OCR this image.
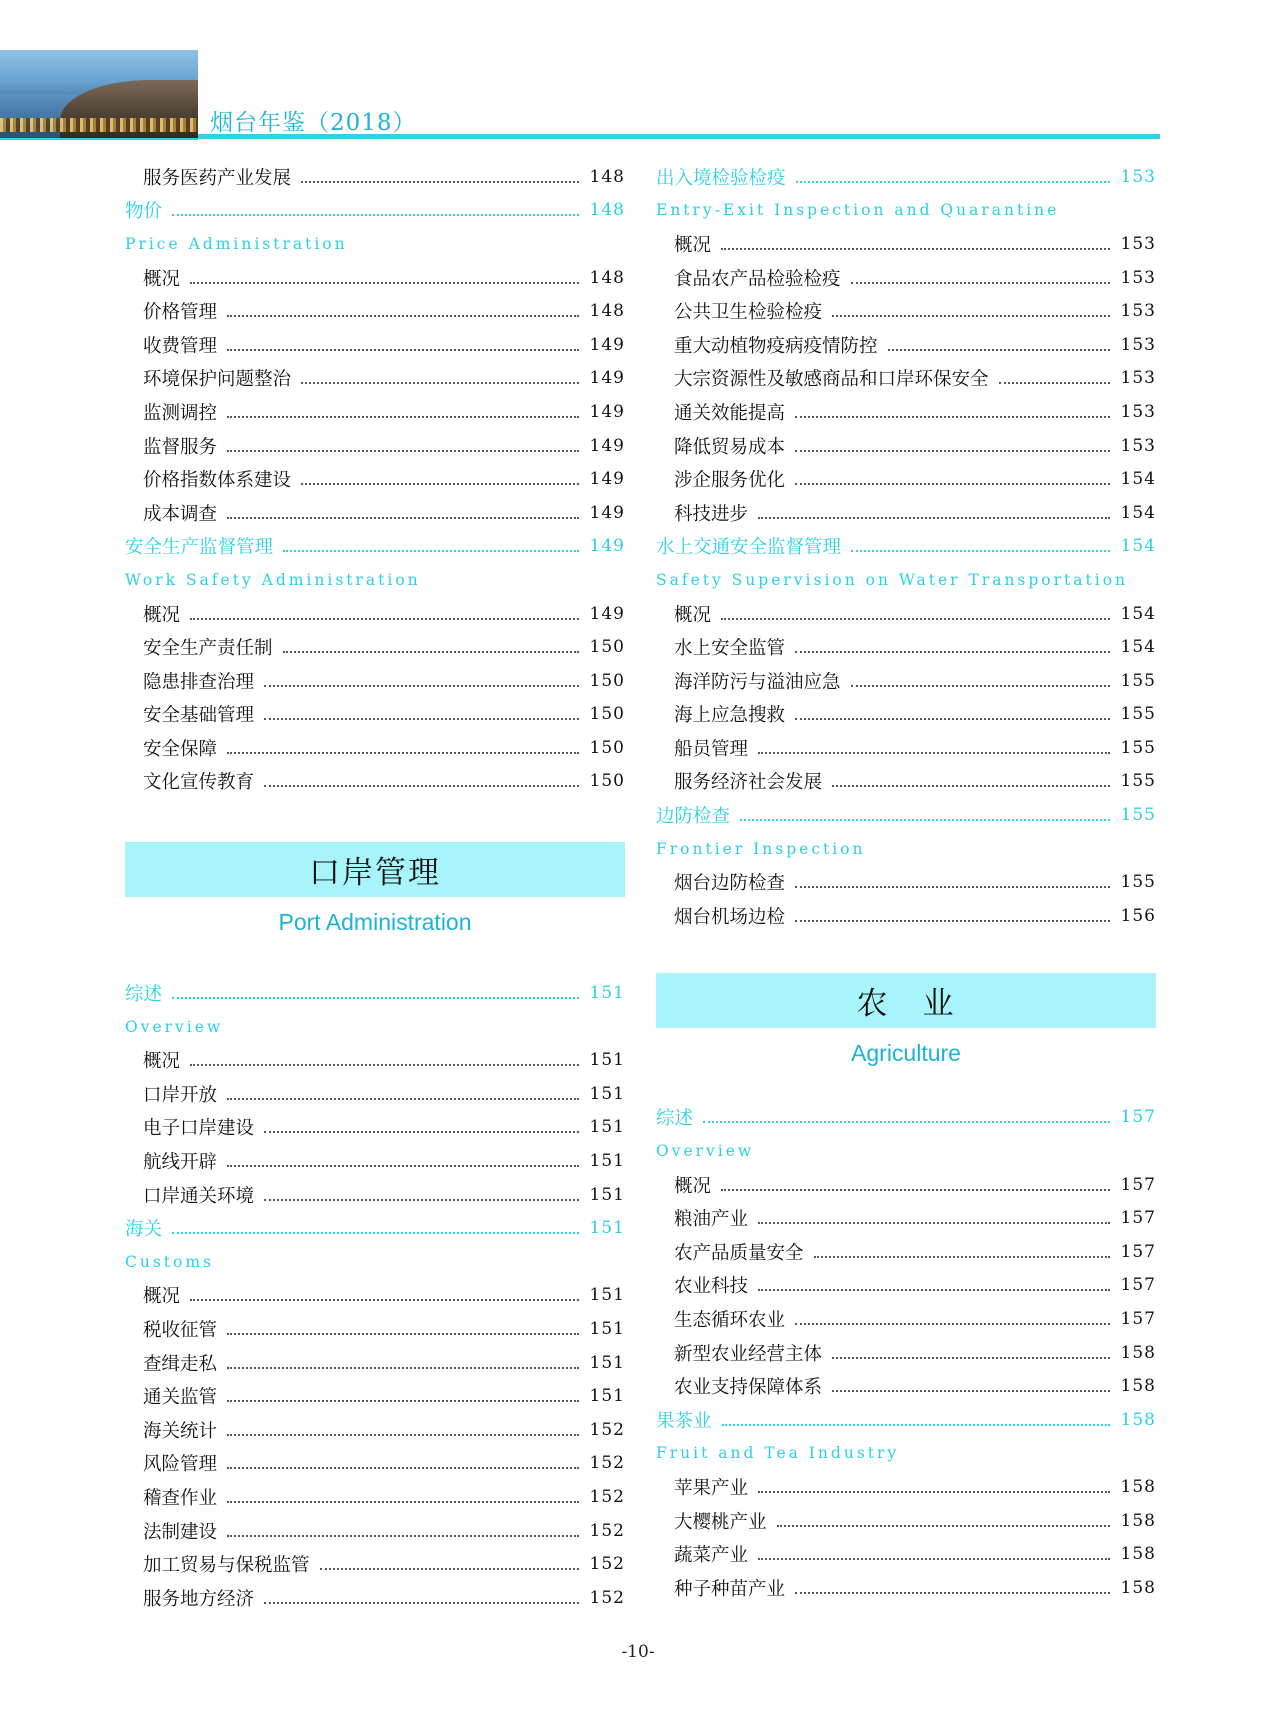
烟台年鉴（2018）
服务医药产业发展	148
物价	148
Price Administration
概况	148
价格管理	148
收费管理	149
环境保护问题整治	149
监测调控	149
监督服务	149
价格指数体系建设	149
成本调查	149
安全生产监督管理	149
Work Safety Administration
概况	149
安全生产责任制	150
隐患排查治理	150
安全基础管理	150
安全保障	150
文化宣传教育	150
口岸管理
Port Administration
综述	151
Overview
概况	151
口岸开放	151
电子口岸建设	151
航线开辟	151
口岸通关环境	151
海关	151
Customs
概况	151
税收征管	151
查缉走私	151
通关监管	151
海关统计	152
风险管理	152
稽查作业	152
法制建设	152
加工贸易与保税监管	152
服务地方经济	152
出入境检验检疫	153
Entry-Exit Inspection and Quarantine
概况	153
食品农产品检验检疫	153
公共卫生检验检疫	153
重大动植物疫病疫情防控	153
大宗资源性及敏感商品和口岸环保安全	153
通关效能提高	153
降低贸易成本	153
涉企服务优化	154
科技进步	154
水上交通安全监督管理	154
Safety Supervision on Water Transportation
概况	154
水上安全监管	154
海洋防污与溢油应急	155
海上应急搜救	155
船员管理	155
服务经济社会发展	155
边防检查	155
Frontier Inspection
烟台边防检查	155
烟台机场边检	156
农　业
Agriculture
综述	157
Overview
概况	157
粮油产业	157
农产品质量安全	157
农业科技	157
生态循环农业	157
新型农业经营主体	158
农业支持保障体系	158
果茶业	158
Fruit and Tea Industry
苹果产业	158
大樱桃产业	158
蔬菜产业	158
种子种苗产业	158
-10-
